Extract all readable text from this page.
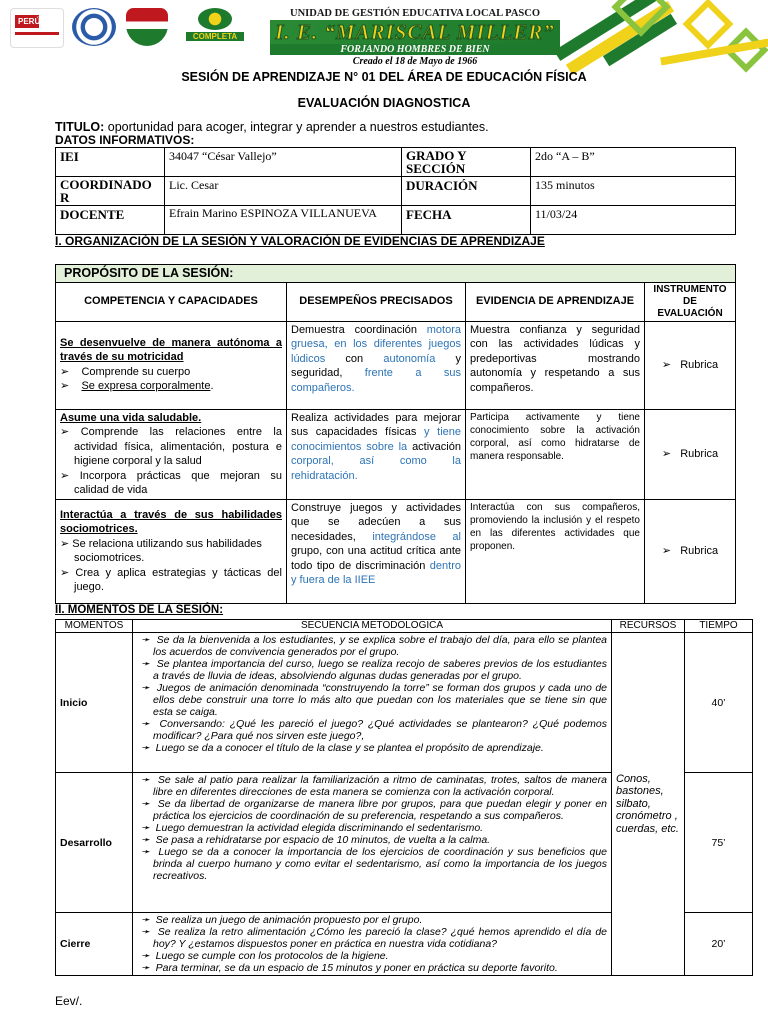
PERÚ
COMPLETA
UNIDAD DE GESTIÓN EDUCATIVA LOCAL PASCO
I. E. “MARISCAL MILLER”
FORJANDO HOMBRES DE BIEN
Creado el 18 de Mayo de 1966
SESIÓN DE APRENDIZAJE N° 01 DEL ÁREA DE EDUCACIÓN FÍSICA
EVALUACIÓN DIAGNOSTICA
TITULO: oportunidad para acoger, integrar y aprender a nuestros estudiantes.
DATOS INFORMATIVOS:
IEI	34047 “César Vallejo”	GRADO Y SECCIÓN	2do “A – B”
COORDINADOR	Lic. Cesar	DURACIÓN	135 minutos
DOCENTE	Efrain Marino ESPINOZA VILLANUEVA	FECHA	11/03/24
I. ORGANIZACIÓN DE LA SESIÓN Y VALORACIÓN DE EVIDENCIAS DE APRENDIZAJE
PROPÓSITO DE LA SESIÓN:			
COMPETENCIA Y CAPACIDADES	DESEMPEÑOS PRECISADOS	EVIDENCIA DE APRENDIZAJE	INSTRUMENTO DE EVALUACIÓN

Se desenvuelve de manera autónoma a través de su motricidad
➢    Comprende su cuerpo
➢    Se expresa corporalmente.	Demuestra coordinación motora gruesa, en los diferentes juegos lúdicos con autonomía y seguridad, frente a sus compañeros.	Muestra confianza y seguridad con las actividades lúdicas y predeportivas mostrando autonomía y respetando a sus compañeros.	➢   Rubrica

Asume una vida saludable.
➢ Comprende las relaciones entre la actividad física, alimentación, postura e higiene corporal y la salud
➢ Incorpora prácticas que mejoran su calidad de vida	Realiza actividades para mejorar sus capacidades físicas y tiene conocimientos sobre la activación corporal, así como la rehidratación.	Participa activamente y tiene conocimiento sobre la activación corporal, así como hidratarse de manera responsable.	➢   Rubrica

Interactúa a través de sus habilidades sociomotrices.
➢ Se relaciona utilizando sus habilidades sociomotrices.
➢ Crea y aplica estrategias y tácticas del juego.	Construye juegos y actividades que se adecúen a sus necesidades, integrándose al grupo, con una actitud crítica ante todo tipo de discriminación dentro y fuera de la IIEE	Interactúa con sus compañeros, promoviendo la inclusión y el respeto en las diferentes actividades que proponen.	➢   Rubrica
II. MOMENTOS DE LA SESIÓN:
MOMENTOS	SECUENCIA METODOLOGICA	RECURSOS	TIEMPO
Inicio	➛  Se da la bienvenida a los estudiantes, y se explica sobre el trabajo del día, para ello se plantea los acuerdos de convivencia generados por el grupo.

➛  Se plantea importancia del curso, luego se realiza recojo de saberes previos de los estudiantes a través de lluvia de ideas, absolviendo algunas dudas generadas por el grupo.

➛  Juegos de animación denominada “construyendo la torre” se forman dos grupos y cada uno de ellos debe construir una torre lo más alto que puedan con los materiales que se tiene sin que esta se caiga.

➛  Conversando: ¿Qué les pareció el juego? ¿Qué actividades se plantearon? ¿Qué podemos modificar? ¿Para qué nos sirven este juego?,

➛  Luego se da a conocer el título de la clase y se plantea el propósito de aprendizaje.	Conos, bastones, silbato, cronómetro , cuerdas, etc.	40’
Desarrollo	➛  Se sale al patio para realizar la familiarización a ritmo de caminatas, trotes, saltos de manera libre en diferentes direcciones de esta manera se comienza con la activación corporal.

➛  Se da libertad de organizarse de manera libre por grupos, para que puedan elegir y poner en práctica los ejercicios de coordinación de su preferencia, respetando a sus compañeros.

➛  Luego demuestran la actividad elegida discriminando el sedentarismo.

➛  Se pasa a rehidratarse por espacio de 10 minutos, de vuelta a la calma.

➛  Luego se da a conocer la importancia de los ejercicios de coordinación y sus beneficios que brinda al cuerpo humano y como evitar el sedentarismo, así como la importancia de los juegos recreativos.		75’
Cierre	➛  Se realiza un juego de animación propuesto por el grupo.

➛  Se realiza la retro alimentación ¿Cómo les pareció la clase? ¿qué hemos aprendido el día de hoy? Y ¿estamos dispuestos poner en práctica en nuestra vida cotidiana?

➛  Luego se cumple con los protocolos de la higiene.

➛  Para terminar, se da un espacio de 15 minutos y poner en práctica su deporte favorito.		20’
Eev/.
